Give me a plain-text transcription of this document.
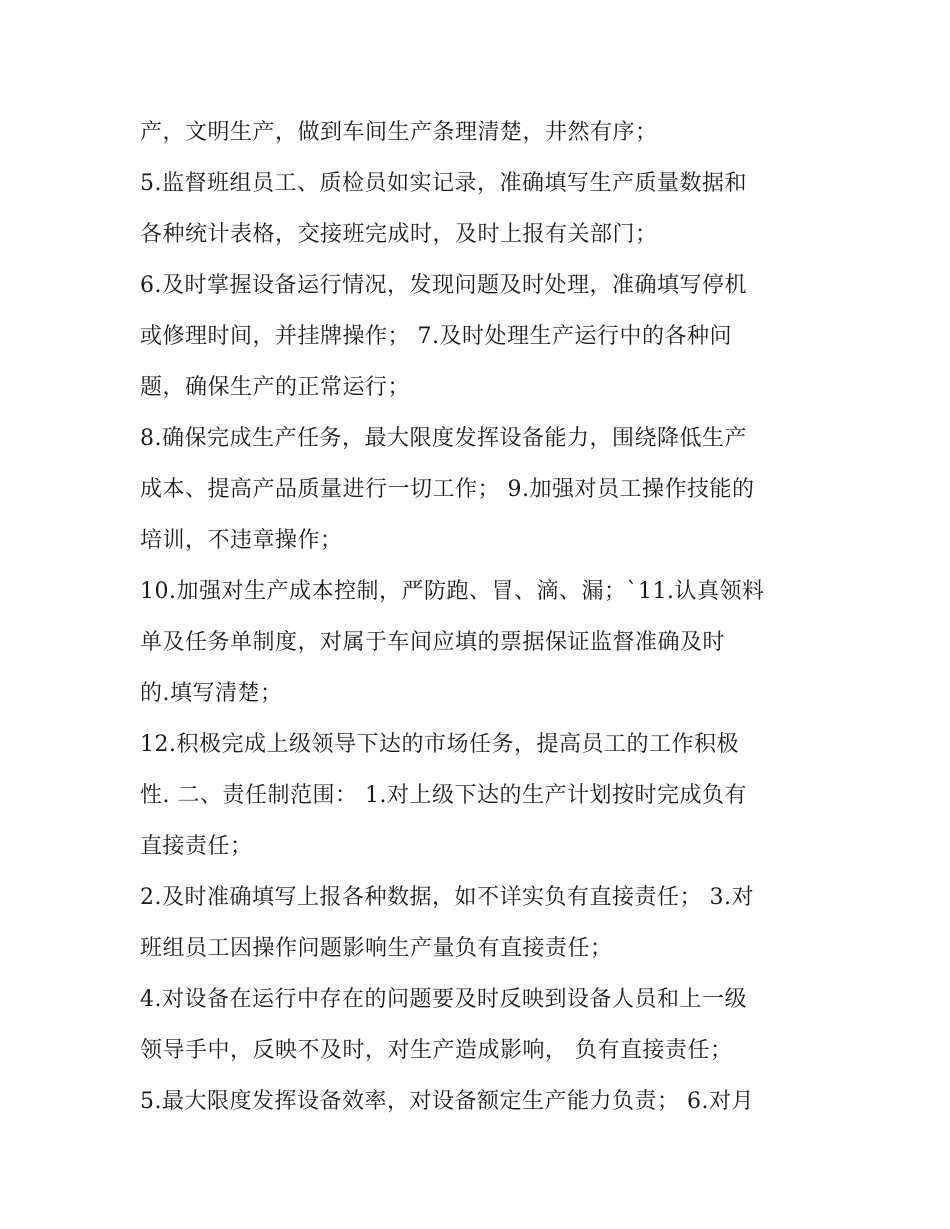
产，文明生产，做到车间生产条理清楚，井然有序；
5.监督班组员工、质检员如实记录，准确填写生产质量数据和
各种统计表格，交接班完成时，及时上报有关部门；
6.及时掌握设备运行情况，发现问题及时处理，准确填写停机
或修理时间，并挂牌操作； 7.及时处理生产运行中的各种问
题，确保生产的正常运行；
8.确保完成生产任务，最大限度发挥设备能力，围绕降低生产
成本、提高产品质量进行一切工作； 9.加强对员工操作技能的
培训，不违章操作；
10.加强对生产成本控制，严防跑、冒、滴、漏；`11.认真领料
单及任务单制度，对属于车间应填的票据保证监督准确及时
的.填写清楚；
12.积极完成上级领导下达的市场任务，提高员工的工作积极
性. 二、责任制范围： 1.对上级下达的生产计划按时完成负有
直接责任；
2.及时准确填写上报各种数据，如不详实负有直接责任； 3.对
班组员工因操作问题影响生产量负有直接责任；
4.对设备在运行中存在的问题要及时反映到设备人员和上一级
领导手中，反映不及时，对生产造成影响， 负有直接责任；
5.最大限度发挥设备效率，对设备额定生产能力负责； 6.对月
